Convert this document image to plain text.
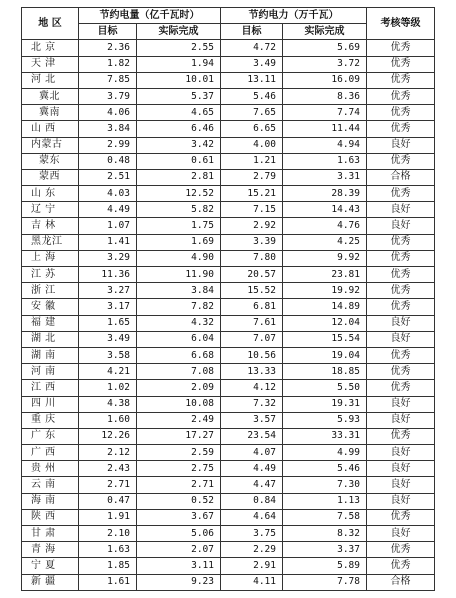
地 区	节约电量（亿千瓦时）		节约电力（万千瓦）		考核等级
	目标	实际完成	目标	实际完成	
北 京	2.36	2.55	4.72	5.69	优秀
天 津	1.82	1.94	3.49	3.72	优秀
河 北	7.85	10.01	13.11	16.09	优秀
冀北	3.79	5.37	5.46	8.36	优秀
冀南	4.06	4.65	7.65	7.74	优秀
山 西	3.84	6.46	6.65	11.44	优秀
内蒙古	2.99	3.42	4.00	4.94	良好
蒙东	0.48	0.61	1.21	1.63	优秀
蒙西	2.51	2.81	2.79	3.31	合格
山 东	4.03	12.52	15.21	28.39	优秀
辽 宁	4.49	5.82	7.15	14.43	良好
吉 林	1.07	1.75	2.92	4.76	良好
黑龙江	1.41	1.69	3.39	4.25	优秀
上 海	3.29	4.90	7.80	9.92	优秀
江 苏	11.36	11.90	20.57	23.81	优秀
浙 江	3.27	3.84	15.52	19.92	优秀
安 徽	3.17	7.82	6.81	14.89	优秀
福 建	1.65	4.32	7.61	12.04	良好
湖 北	3.49	6.04	7.07	15.54	良好
湖 南	3.58	6.68	10.56	19.04	优秀
河 南	4.21	7.08	13.33	18.85	优秀
江 西	1.02	2.09	4.12	5.50	优秀
四 川	4.38	10.08	7.32	19.31	良好
重 庆	1.60	2.49	3.57	5.93	良好
广 东	12.26	17.27	23.54	33.31	优秀
广 西	2.12	2.59	4.07	4.99	良好
贵 州	2.43	2.75	4.49	5.46	良好
云 南	2.71	2.71	4.47	7.30	良好
海 南	0.47	0.52	0.84	1.13	良好
陕 西	1.91	3.67	4.64	7.58	优秀
甘 肃	2.10	5.06	3.75	8.32	良好
青 海	1.63	2.07	2.29	3.37	优秀
宁 夏	1.85	3.11	2.91	5.89	优秀
新 疆	1.61	9.23	4.11	7.78	合格
